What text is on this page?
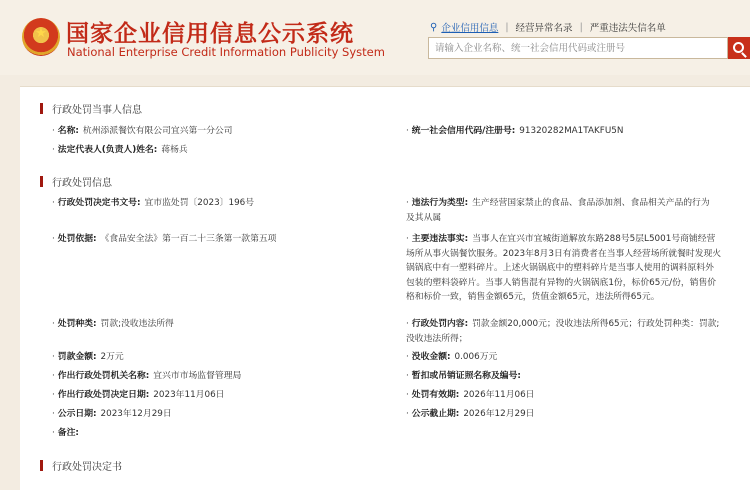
★ 国家企业信用信息公示系统
National Enterprise Credit Information Publicity System
⚲ 企业信用信息 | 经营异常名录 | 严重违法失信名单
请输入企业名称、统一社会信用代码或注册号
行政处罚当事人信息
· 名称: 杭州添派餐饮有限公司宜兴第一分公司	· 统一社会信用代码/注册号: 91320282MA1TAKFU5N
· 法定代表人(负责人)姓名: 蒋杨兵
行政处罚信息
· 行政处罚决定书文号: 宜市监处罚〔2023〕196号	· 违法行为类型: 生产经营国家禁止的食品、食品添加剂、食品相关产品的行为
及其从属
· 处罚依据: 《食品安全法》第一百二十三条第一款第五项	· 主要违法事实: 当事人在宜兴市宜城街道解放东路288号5层L5001号商铺经营
场所从事火锅餐饮服务。2023年8月3日有消费者在当事人经营场所就餐时发现火
锅锅底中有一塑料碎片。上述火锅锅底中的塑料碎片是当事人使用的调料原料外
包装的塑料袋碎片。当事人销售混有异物的火锅锅底1份，标价65元/份，销售价
格和标价一致，销售金额65元，货值金额65元，违法所得65元。
· 处罚种类: 罚款;没收违法所得	· 行政处罚内容: 罚款金额20,000元；没收违法所得65元；行政处罚种类：罚款;
没收违法所得；
· 罚款金额: 2万元	· 没收金额: 0.006万元
· 作出行政处罚机关名称: 宜兴市市场监督管理局	· 暂扣或吊销证照名称及编号:
· 作出行政处罚决定日期: 2023年11月06日	· 处罚有效期: 2026年11月06日
· 公示日期: 2023年12月29日	· 公示截止期: 2026年12月29日
· 备注:
行政处罚决定书
